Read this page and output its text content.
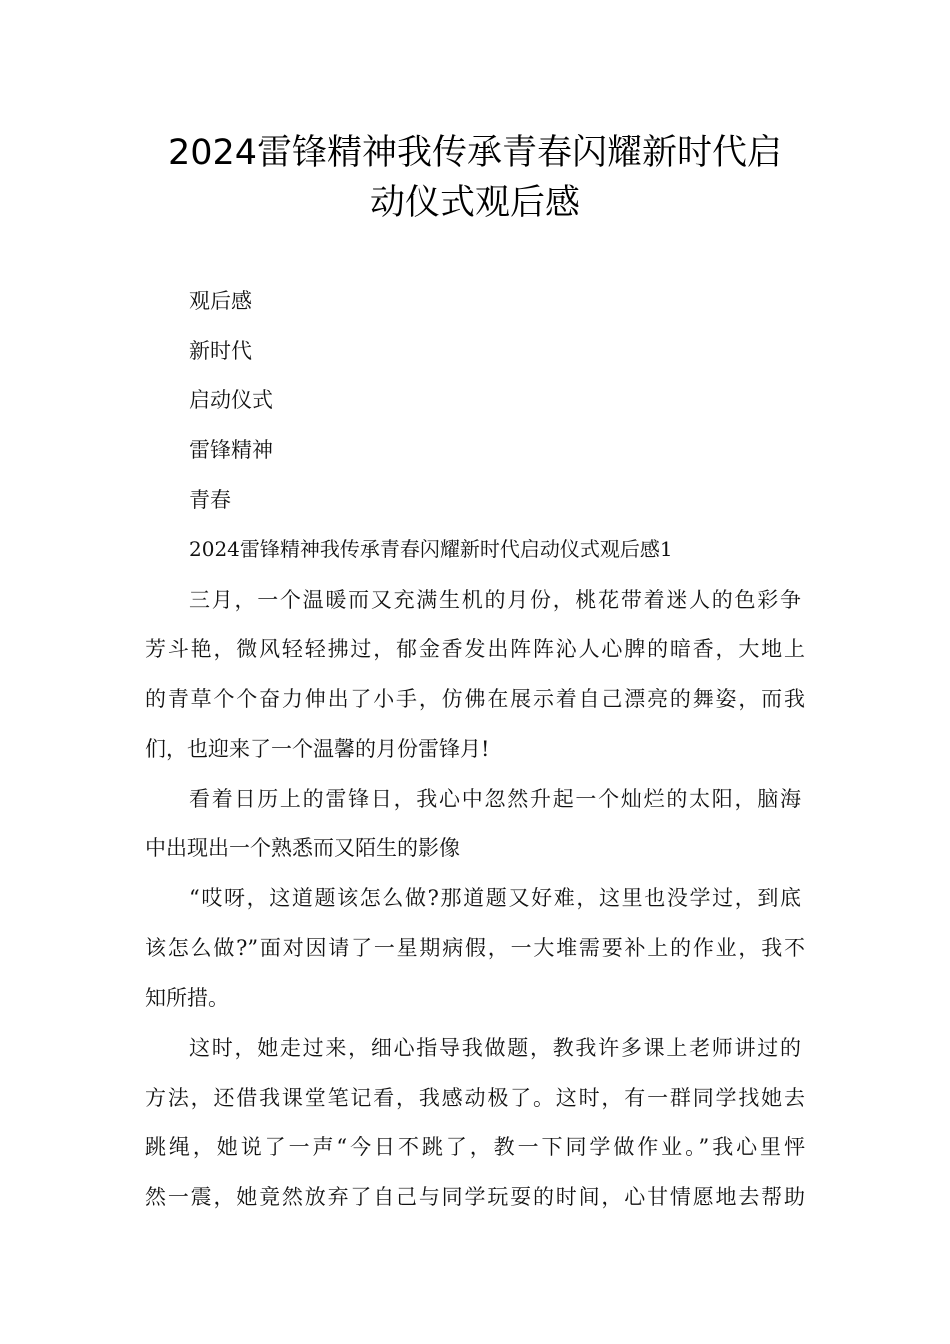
2024雷锋精神我传承青春闪耀新时代启
动仪式观后感
观后感
新时代
启动仪式
雷锋精神
青春
2024雷锋精神我传承青春闪耀新时代启动仪式观后感1
三月，一个温暖而又充满生机的月份，桃花带着迷人的色彩争
芳斗艳，微风轻轻拂过，郁金香发出阵阵沁人心脾的暗香，大地上
的青草个个奋力伸出了小手，仿佛在展示着自己漂亮的舞姿，而我
们，也迎来了一个温馨的月份雷锋月!
看着日历上的雷锋日，我心中忽然升起一个灿烂的太阳，脑海
中出现出一个熟悉而又陌生的影像
“哎呀，这道题该怎么做?那道题又好难，这里也没学过，到底
该怎么做?”面对因请了一星期病假，一大堆需要补上的作业，我不
知所措。
这时，她走过来，细心指导我做题，教我许多课上老师讲过的
方法，还借我课堂笔记看，我感动极了。这时，有一群同学找她去
跳绳，她说了一声“今日不跳了，教一下同学做作业。”我心里怦
然一震，她竟然放弃了自己与同学玩耍的时间，心甘情愿地去帮助
